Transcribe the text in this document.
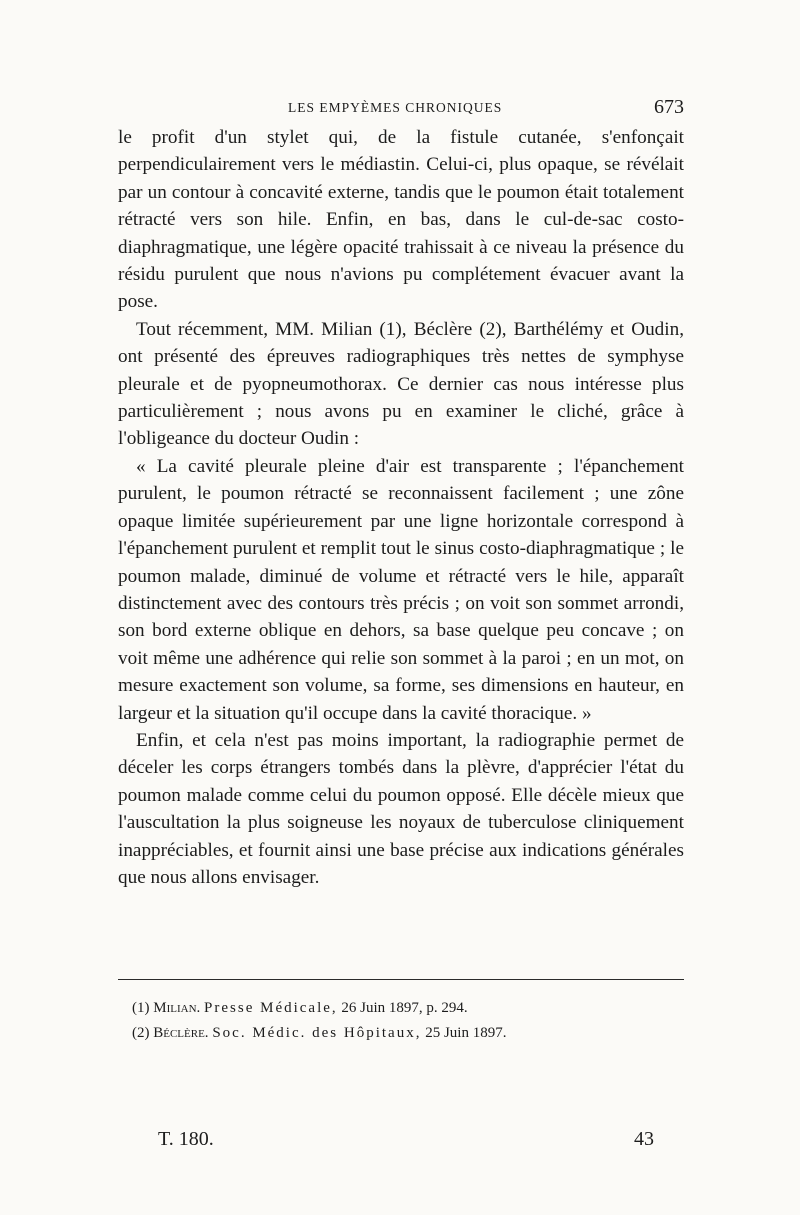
LES EMPYÈMES CHRONIQUES	673

le profit d'un stylet qui, de la fistule cutanée, s'enfonçait perpendiculairement vers le médiastin. Celui-ci, plus opaque, se révélait par un contour à concavité externe, tandis que le poumon était totalement rétracté vers son hile. Enfin, en bas, dans le cul-de-sac costo-diaphragmatique, une légère opacité trahissait à ce niveau la présence du résidu purulent que nous n'avions pu complétement évacuer avant la pose.

Tout récemment, MM. Milian (1), Béclère (2), Barthélémy et Oudin, ont présenté des épreuves radiographiques très nettes de symphyse pleurale et de pyopneumothorax. Ce dernier cas nous intéresse plus particulièrement ; nous avons pu en examiner le cliché, grâce à l'obligeance du docteur Oudin :

« La cavité pleurale pleine d'air est transparente ; l'épanchement purulent, le poumon rétracté se reconnaissent facilement ; une zône opaque limitée supérieurement par une ligne horizontale correspond à l'épanchement purulent et remplit tout le sinus costo-diaphragmatique ; le poumon malade, diminué de volume et rétracté vers le hile, apparaît distinctement avec des contours très précis ; on voit son sommet arrondi, son bord externe oblique en dehors, sa base quelque peu concave ; on voit même une adhérence qui relie son sommet à la paroi ; en un mot, on mesure exactement son volume, sa forme, ses dimensions en hauteur, en largeur et la situation qu'il occupe dans la cavité thoracique. »

Enfin, et cela n'est pas moins important, la radiographie permet de déceler les corps étrangers tombés dans la plèvre, d'apprécier l'état du poumon malade comme celui du poumon opposé. Elle décèle mieux que l'auscultation la plus soigneuse les noyaux de tuberculose cliniquement inappréciables, et fournit ainsi une base précise aux indications générales que nous allons envisager.

(1) Milian. Presse Médicale, 26 Juin 1897, p. 294.

(2) Béclère. Soc. Médic. des Hôpitaux, 25 Juin 1897.

T. 180.	43
